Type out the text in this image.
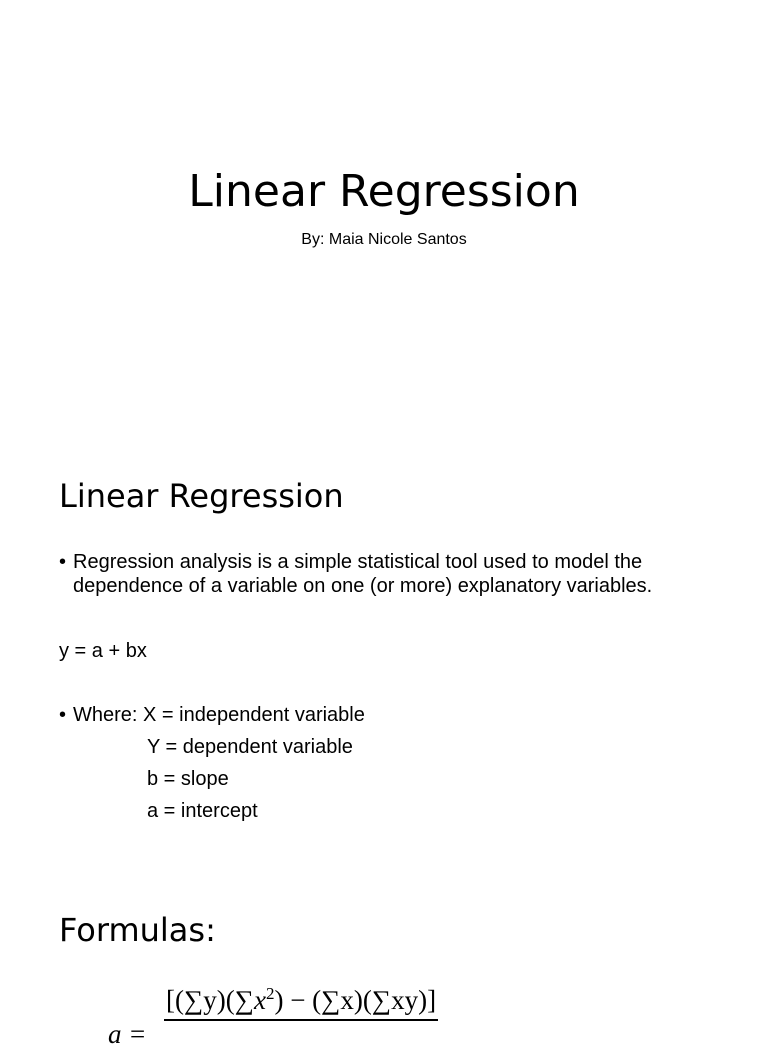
Linear Regression
By: Maia Nicole Santos
Linear Regression
• Regression analysis is a simple statistical tool used to model the dependence of a variable on one (or more) explanatory variables.
y = a + bx
• Where: X = independent variable
Y = dependent variable
b = slope
a = intercept
Formulas:
a =
$[(\sum y)(\sum x^2) - (\sum x)(\sum xy)]$
